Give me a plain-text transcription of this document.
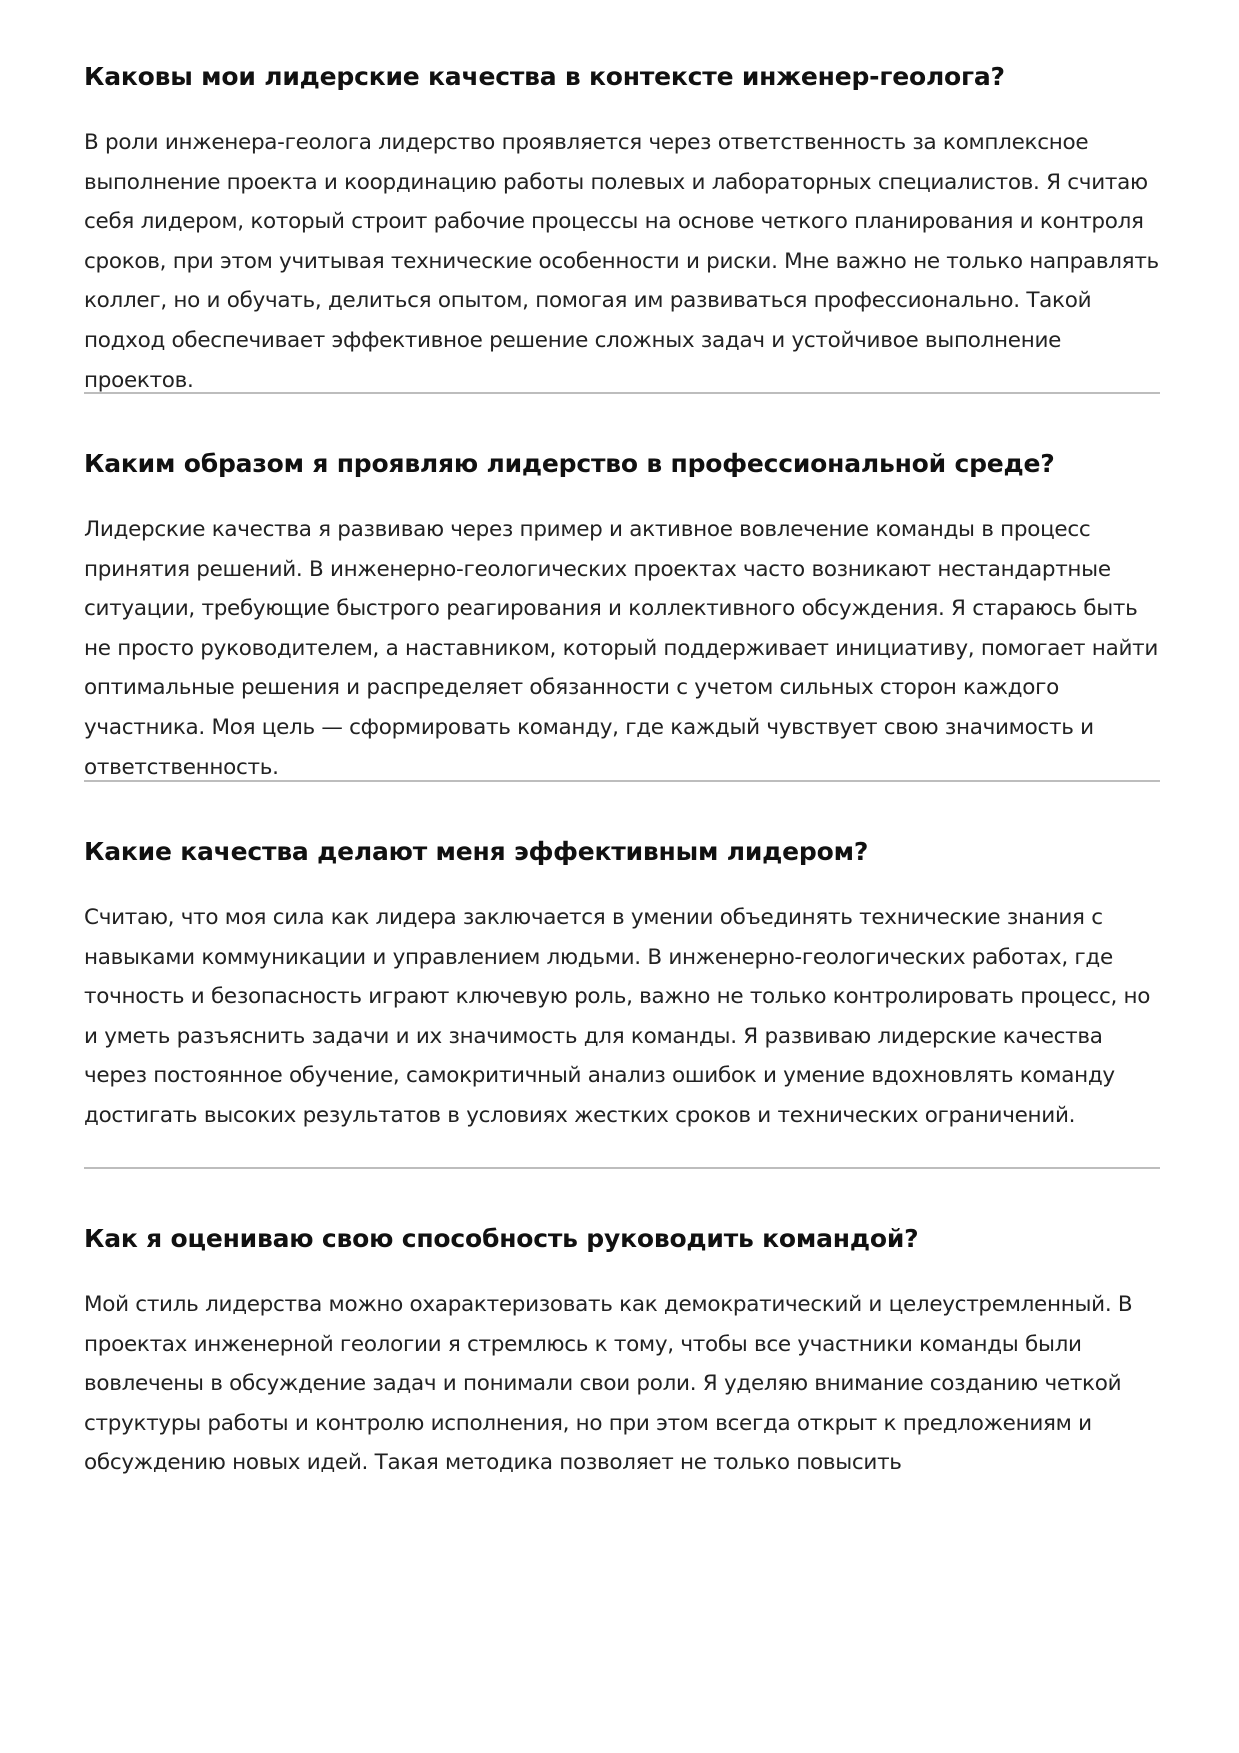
Каковы мои лидерские качества в контексте инженер-геолога?

В роли инженера-геолога лидерство проявляется через ответственность за комплексное выполнение проекта и координацию работы полевых и лабораторных специалистов. Я считаю себя лидером, который строит рабочие процессы на основе четкого планирования и контроля сроков, при этом учитывая технические особенности и риски. Мне важно не только направлять коллег, но и обучать, делиться опытом, помогая им развиваться профессионально. Такой подход обеспечивает эффективное решение сложных задач и устойчивое выполнение проектов.

Каким образом я проявляю лидерство в профессиональной среде?

Лидерские качества я развиваю через пример и активное вовлечение команды в процесс принятия решений. В инженерно-геологических проектах часто возникают нестандартные ситуации, требующие быстрого реагирования и коллективного обсуждения. Я стараюсь быть не просто руководителем, а наставником, который поддерживает инициативу, помогает найти оптимальные решения и распределяет обязанности с учетом сильных сторон каждого участника. Моя цель — сформировать команду, где каждый чувствует свою значимость и ответственность.

Какие качества делают меня эффективным лидером?

Считаю, что моя сила как лидера заключается в умении объединять технические знания с навыками коммуникации и управлением людьми. В инженерно-геологических работах, где точность и безопасность играют ключевую роль, важно не только контролировать процесс, но и уметь разъяснить задачи и их значимость для команды. Я развиваю лидерские качества через постоянное обучение, самокритичный анализ ошибок и умение вдохновлять команду достигать высоких результатов в условиях жестких сроков и технических ограничений.

Как я оцениваю свою способность руководить командой?

Мой стиль лидерства можно охарактеризовать как демократический и целеустремленный. В проектах инженерной геологии я стремлюсь к тому, чтобы все участники команды были вовлечены в обсуждение задач и понимали свои роли. Я уделяю внимание созданию четкой структуры работы и контролю исполнения, но при этом всегда открыт к предложениям и обсуждению новых идей. Такая методика позволяет не только повысить
